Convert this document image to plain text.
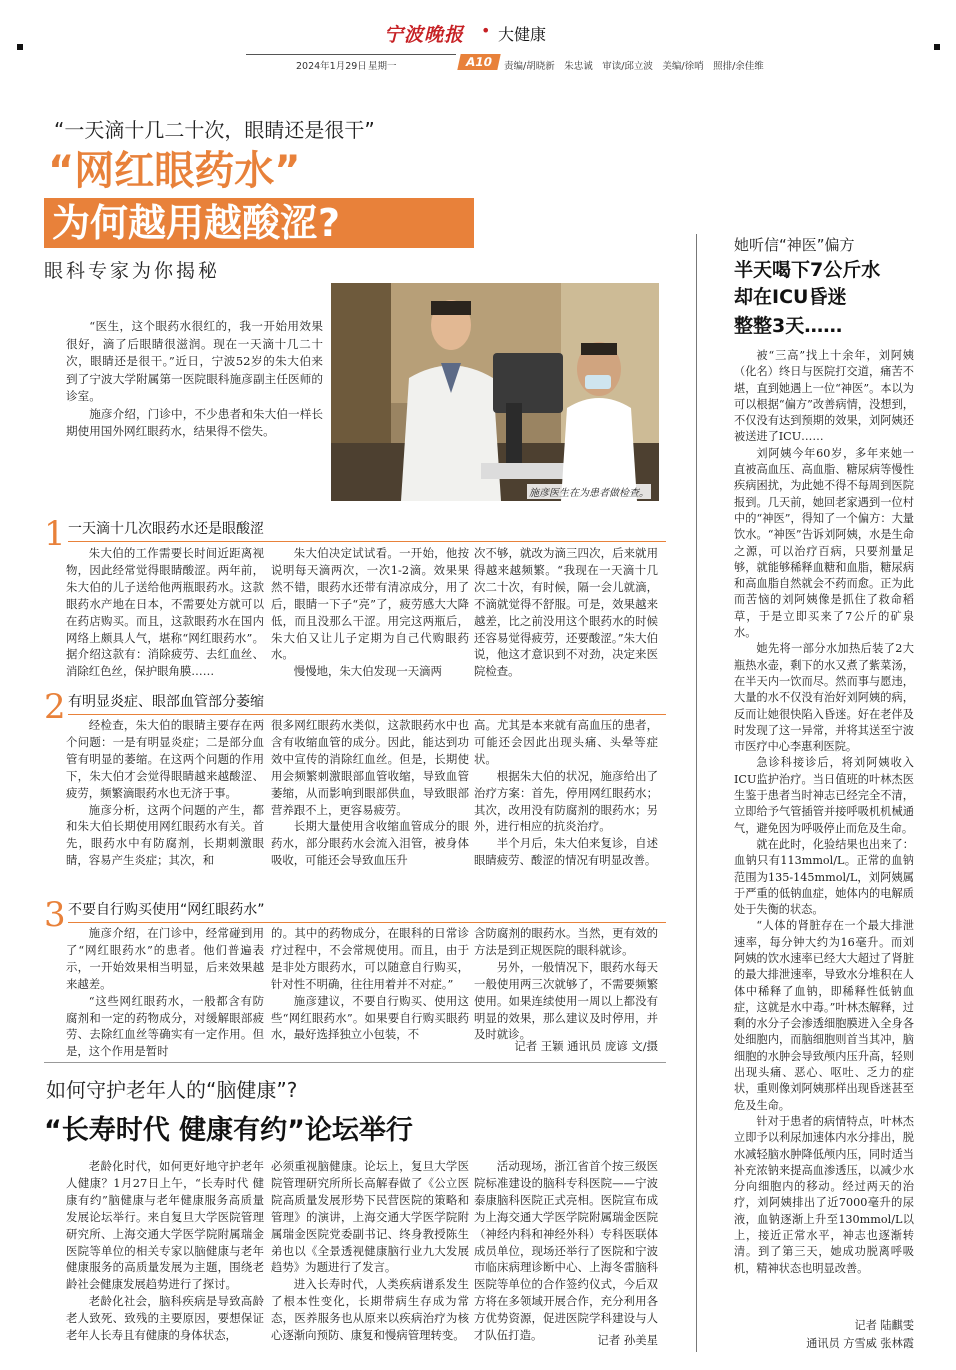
宁波晚报 • 大健康
2024年1月29日 星期一	A10	责编/胡晓新　朱忠诚　审读/邱立波　美编/徐哨　照排/余佳维
“一天滴十几二十次，眼睛还是很干”
“网红眼药水”
为何越用越酸涩?
眼科专家为你揭秘
施彦医生在为患者做检查。

“医生，这个眼药水很红的，我一开始用效果很好，滴了后眼睛很滋润。现在一天滴十几二十次，眼睛还是很干。”近日，宁波52岁的朱大伯来到了宁波大学附属第一医院眼科施彦副主任医师的诊室。

施彦介绍，门诊中，不少患者和朱大伯一样长期使用国外网红眼药水，结果得不偿失。

1 一天滴十几次眼药水还是眼酸涩

朱大伯的工作需要长时间近距离视物，因此经常觉得眼睛酸涩。两年前，朱大伯的儿子送给他两瓶眼药水。这款眼药水产地在日本，不需要处方就可以在药店购买。而且，这款眼药水在国内网络上颇具人气，堪称“网红眼药水”。据介绍这款有：消除疲劳、去红血丝、消除红色丝，保护眼角膜……

朱大伯决定试试看。一开始，他按说明每天滴两次，一次1-2滴。效果果然不错，眼药水还带有清凉成分，用了后，眼睛一下子“亮”了，疲劳感大大降低，而且没那么干涩。用完这两瓶后，朱大伯又让儿子定期为自己代购眼药水。

慢慢地，朱大伯发现一天滴两

次不够，就改为滴三四次，后来就用得越来越频繁。“我现在一天滴十几次二十次，有时候，隔一会儿就滴，不滴就觉得不舒服。可是，效果越来越差，比之前没用这个眼药水的时候还容易觉得疲劳，还要酸涩。”朱大伯说，他这才意识到不对劲，决定来医院检查。

2 有明显炎症、眼部血管部分萎缩

经检查，朱大伯的眼睛主要存在两个问题：一是有明显炎症；二是部分血管有明显的萎缩。在这两个问题的作用下，朱大伯才会觉得眼睛越来越酸涩、疲劳，频繁滴眼药水也无济于事。

施彦分析，这两个问题的产生，都和朱大伯长期使用网红眼药水有关。首先，眼药水中有防腐剂，长期刺激眼睛，容易产生炎症；其次，和

很多网红眼药水类似，这款眼药水中也含有收缩血管的成分。因此，能达到功效中宣传的消除红血丝。但是，长期使用会频繁刺激眼部血管收缩，导致血管萎缩，从而影响到眼部供血，导致眼部营养跟不上，更容易疲劳。

长期大量使用含收缩血管成分的眼药水，部分眼药水会流入泪管，被身体吸收，可能还会导致血压升

高。尤其是本来就有高血压的患者，可能还会因此出现头痛、头晕等症状。

根据朱大伯的状况，施彦给出了治疗方案：首先，停用网红眼药水；其次，改用没有防腐剂的眼药水；另外，进行相应的抗炎治疗。

半个月后，朱大伯来复诊，自述眼睛疲劳、酸涩的情况有明显改善。

3 不要自行购买使用“网红眼药水”

施彦介绍，在门诊中，经常碰到用了“网红眼药水”的患者。他们普遍表示，一开始效果相当明显，后来效果越来越差。

“这些网红眼药水，一般都含有防腐剂和一定的药物成分，对缓解眼部疲劳、去除红血丝等确实有一定作用。但是，这个作用是暂时

的。其中的药物成分，在眼科的日常诊疗过程中，不会常规使用。而且，由于是非处方眼药水，可以随意自行购买，针对性不明确，往往用着并不对症。”

施彦建议，不要自行购买、使用这些“网红眼药水”。如果要自行购买眼药水，最好选择独立小包装，不

含防腐剂的眼药水。当然，更有效的方法是到正规医院的眼科就诊。

另外，一般情况下，眼药水每天一般使用两三次就够了，不需要频繁使用。如果连续使用一周以上都没有明显的效果，那么建议及时停用，并及时就诊。

记者 王颖 通讯员 庞谚 文/摄
如何守护老年人的“脑健康”?
“长寿时代 健康有约”论坛举行

老龄化时代，如何更好地守护老年人健康？1月27日上午，“长寿时代 健康有约”脑健康与老年健康服务高质量发展论坛举行。来自复旦大学医院管理研究所、上海交通大学医学院附属瑞金医院等单位的相关专家以脑健康与老年健康服务的高质量发展为主题，围绕老龄社会健康发展趋势进行了探讨。

老龄化社会，脑科疾病是导致高龄老人致死、致残的主要原因，要想保证老年人长寿且有健康的身体状态，

必须重视脑健康。论坛上，复旦大学医院管理研究所所长高解春做了《公立医院高质量发展形势下民营医院的策略和管理》的演讲，上海交通大学医学院附属瑞金医院党委副书记、终身教授陈生弟也以《全景透视健康脑行业九大发展趋势》为题进行了发言。

进入长寿时代，人类疾病谱系发生了根本性变化，长期带病生存成为常态，医养服务也从原来以疾病治疗为核心逐渐向预防、康复和慢病管理转变。

活动现场，浙江省首个按三级医院标准建设的脑科专科医院——宁波泰康脑科医院正式亮相。医院宣布成为上海交通大学医学院附属瑞金医院（神经内科和神经外科）专科医联体成员单位，现场还举行了医院和宁波市临床病理诊断中心、上海冬雷脑科医院等单位的合作签约仪式，今后双方将在多领域开展合作，充分利用各方优势资源，促进医院学科建设与人才队伍打造。	记者 孙美星
她听信“神医”偏方
半天喝下7公斤水
却在ICU昏迷
整整3天……

被“三高”找上十余年，刘阿姨（化名）终日与医院打交道，痛苦不堪，直到她遇上一位“神医”。本以为可以根据“偏方”改善病情，没想到，不仅没有达到预期的效果，刘阿姨还被送进了ICU……

刘阿姨今年60岁，多年来她一直被高血压、高血脂、糖尿病等慢性疾病困扰，为此她不得不每周到医院报到。几天前，她回老家遇到一位村中的“神医”，得知了一个偏方：大量饮水。“神医”告诉刘阿姨，水是生命之源，可以治疗百病，只要剂量足够，就能够稀释血糖和血脂，糖尿病和高血脂自然就会不药而愈。正为此而苦恼的刘阿姨像是抓住了救命稻草，于是立即买来了7公斤的矿泉水。

她先将一部分水加热后装了2大瓶热水壶，剩下的水又煮了紫菜汤，在半天内一饮而尽。然而事与愿违，大量的水不仅没有治好刘阿姨的病，反而让她很快陷入昏迷。好在老伴及时发现了这一异常，并将其送至宁波市医疗中心李惠利医院。

急诊科接诊后，将刘阿姨收入ICU监护治疗。当日值班的叶林杰医生鉴于患者当时神志已经完全不清，立即给予气管插管并接呼吸机机械通气，避免因为呼吸停止而危及生命。

就在此时，化验结果也出来了：血钠只有113mmol/L。正常的血钠范围为135-145mmol/L，刘阿姨属于严重的低钠血症，她体内的电解质处于失衡的状态。

“人体的肾脏存在一个最大排泄速率，每分钟大约为16毫升。而刘阿姨的饮水速率已经大大超过了肾脏的最大排泄速率，导致水分堆积在人体中稀释了血钠，即稀释性低钠血症，这就是水中毒。”叶林杰解释，过剩的水分子会渗透细胞膜进入全身各处细胞内，而脑细胞则首当其冲，脑细胞的水肿会导致颅内压升高，轻则出现头痛、恶心、呕吐、乏力的症状，重则像刘阿姨那样出现昏迷甚至危及生命。

针对于患者的病情特点，叶林杰立即予以利尿加速体内水分排出，脱水减轻脑水肿降低颅内压，同时适当补充浓钠来提高血渗透压，以减少水分向细胞内的移动。经过两天的治疗，刘阿姨排出了近7000毫升的尿液，血钠逐渐上升至130mmol/L以上，接近正常水平，神志也逐渐转清。到了第三天，她成功脱离呼吸机，精神状态也明显改善。

记者 陆麒雯
通讯员 方雪威 张林霞
